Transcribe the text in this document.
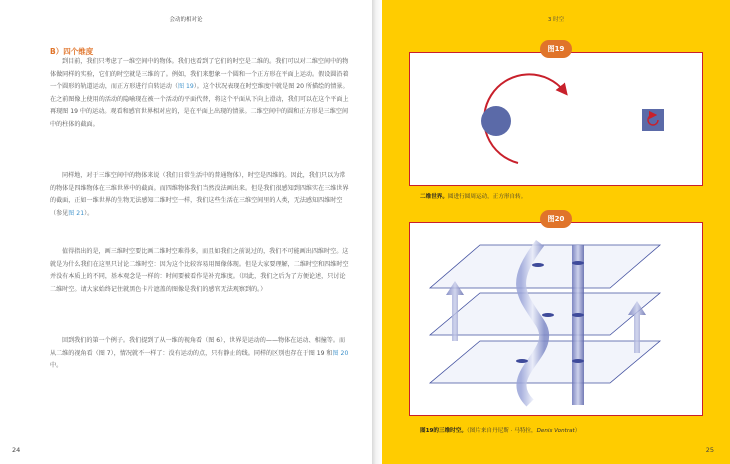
会动的相对论
B）四个维度

到目前，我们只考虑了一维空间中的物体。我们也看到了它们的时空是二维的。我们可以对二维空间中的物体做同样的实验，它们的时空就是三维的了。例如，我们来想象一个圆和一个正方形在平面上运动。假设圆沿着一个圆形的轨道运动，而正方形进行自转运动（图 19）。这个状况表现在时空维度中就是图 20 所描绘的情景。在之前图像上使用的活动的隐喻现在被一个活动的平面代替，将这个平面从下向上滑动，我们可以在这个平面上再现图 19 中的运动。观看和感官世界相对应的，是在平面上出现的情景。二维空间中的圆和正方形是三维空间中的柱体的截面。

同样地，对于三维空间中的物体来说（我们日常生活中的普通物体），时空是四维的。因此，我们只以为常的物体是四维物体在三维世界中的截面。而四维物体我们当然没法画出来。但是我们很感知到四维实在三维世界的截面，正如一维世界的生物无法感知二维时空一样，我们这些生活在三维空间里的人类，无法感知四维时空（参见图 21）。

值得指出的是，画三维时空要比画二维时空难得多，而且如我们之前说过的，我们不可能画出四维时空。这就是为什么我们在这里只讨论二维时空：因为这个比较容易用图像体现。但是大家要理解，二维时空和四维时空并没有本质上的不同，基本观念是一样的：时间要被看作是补充维度。（因此，我们之后为了方便论述，只讨论二维时空。请大家始终记住就黑色卡片遮盖的图像是我们的感官无法观察到的。）

回到我们的第一个例子。我们提到了从一维的视角看（图 6），世界是运动的——物体在运动、相撞等。而从二维的视角看（图 7），情况就不一样了：没有运动的点，只有静止的线。同样的区别也存在于图 19 和图 20 中。

24
3 时空
图19
二维世界。圆进行圆周运动，正方形自转。
图20
图19的三维时空。（图片来自丹尼斯 · 马特拉，Denis Vontrat）
25
